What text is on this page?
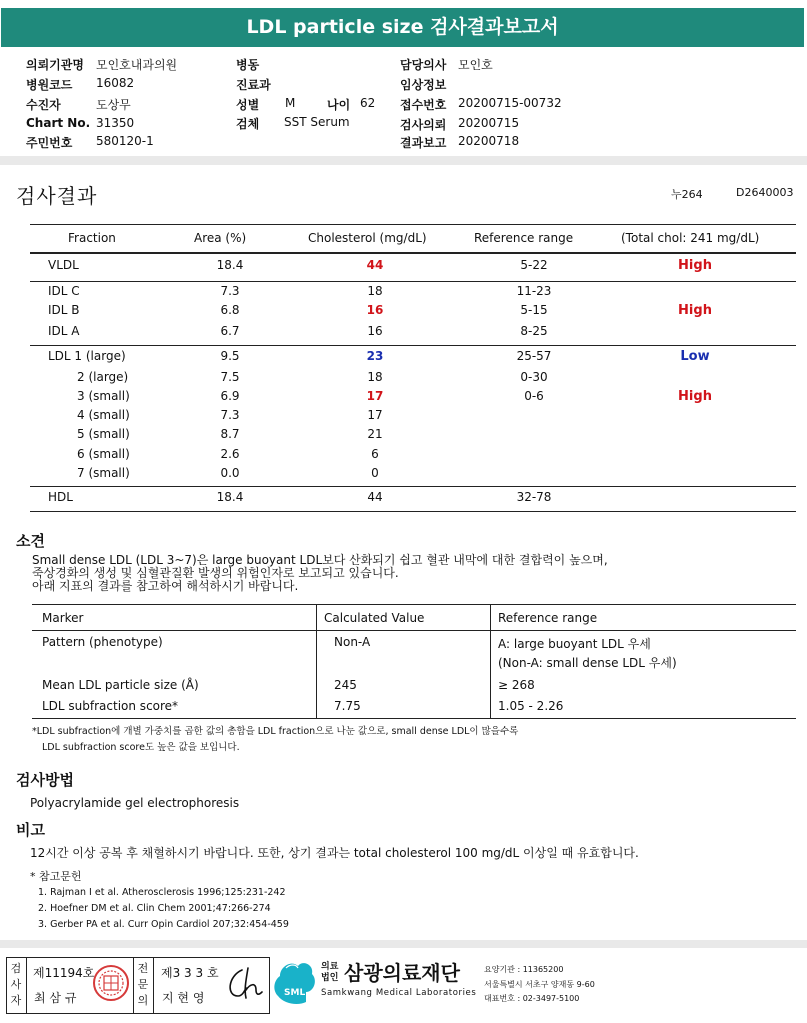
LDL particle size 검사결과보고서
의뢰기관명 모인호내과의원
병원코드 16082
수진자	도상무
Chart No. 31350
주민번호 580120-1
병동
진료과
성별 M	나이 62
검체 SST Serum
담당의사 모인호
임상정보
접수번호 20200715-00732
검사의뢰 20200715
결과보고 20200718
검사결과	누264	D2640003
Fraction	Area (%)	Cholesterol (mg/dL)	Reference range	(Total chol: 241 mg/dL)
VLDL	18.4	44	5-22	High
IDL C	7.3	18	11-23
IDL B	6.8	16	5-15	High
IDL A	6.7	16	8-25
LDL 1 (large)	9.5	23	25-57	Low
2 (large)	7.5	18	0-30
3 (small)	6.9	17	0-6	High
4 (small)	7.3	17
5 (small)	8.7	21
6 (small)	2.6	6
7 (small)	0.0	0
HDL	18.4	44	32-78
소견
Small dense LDL (LDL 3~7)은 large buoyant LDL보다 산화되기 쉽고 혈관 내막에 대한 결합력이 높으며,
죽상경화의 생성 및 심혈관질환 발생의 위험인자로 보고되고 있습니다.
아래 지표의 결과를 참고하여 해석하시기 바랍니다.
Marker	Calculated Value	Reference range
Pattern (phenotype)	Non-A	A: large buoyant LDL 우세
(Non-A: small dense LDL 우세)
Mean LDL particle size (Å)	245	≥ 268
LDL subfraction score*	7.75	1.05 - 2.26
*LDL subfraction에 개별 가중치를 곱한 값의 총합을 LDL fraction으로 나눈 값으로, small dense LDL이 많을수록
LDL subfraction score도 높은 값을 보입니다.
검사방법
Polyacrylamide gel electrophoresis
비고
12시간 이상 공복 후 채혈하시기 바랍니다. 또한, 상기 결과는 total cholesterol 100 mg/dL 이상일 때 유효합니다.
* 참고문헌
1. Rajman I et al. Atherosclerosis 1996;125:231-242
2. Hoefner DM et al. Clin Chem 2001;47:266-274
3. Gerber PA et al. Curr Opin Cardiol 207;32:454-459
검
사
자
제11194호
최 삼 규
전
문
의
제3 3 3 호
지 현 영	SML
의료
법인 삼광의료재단
Samkwang Medical Laboratories
요양기관 : 11365200
서울특별시 서초구 양재동 9-60
대표번호 : 02-3497-5100
